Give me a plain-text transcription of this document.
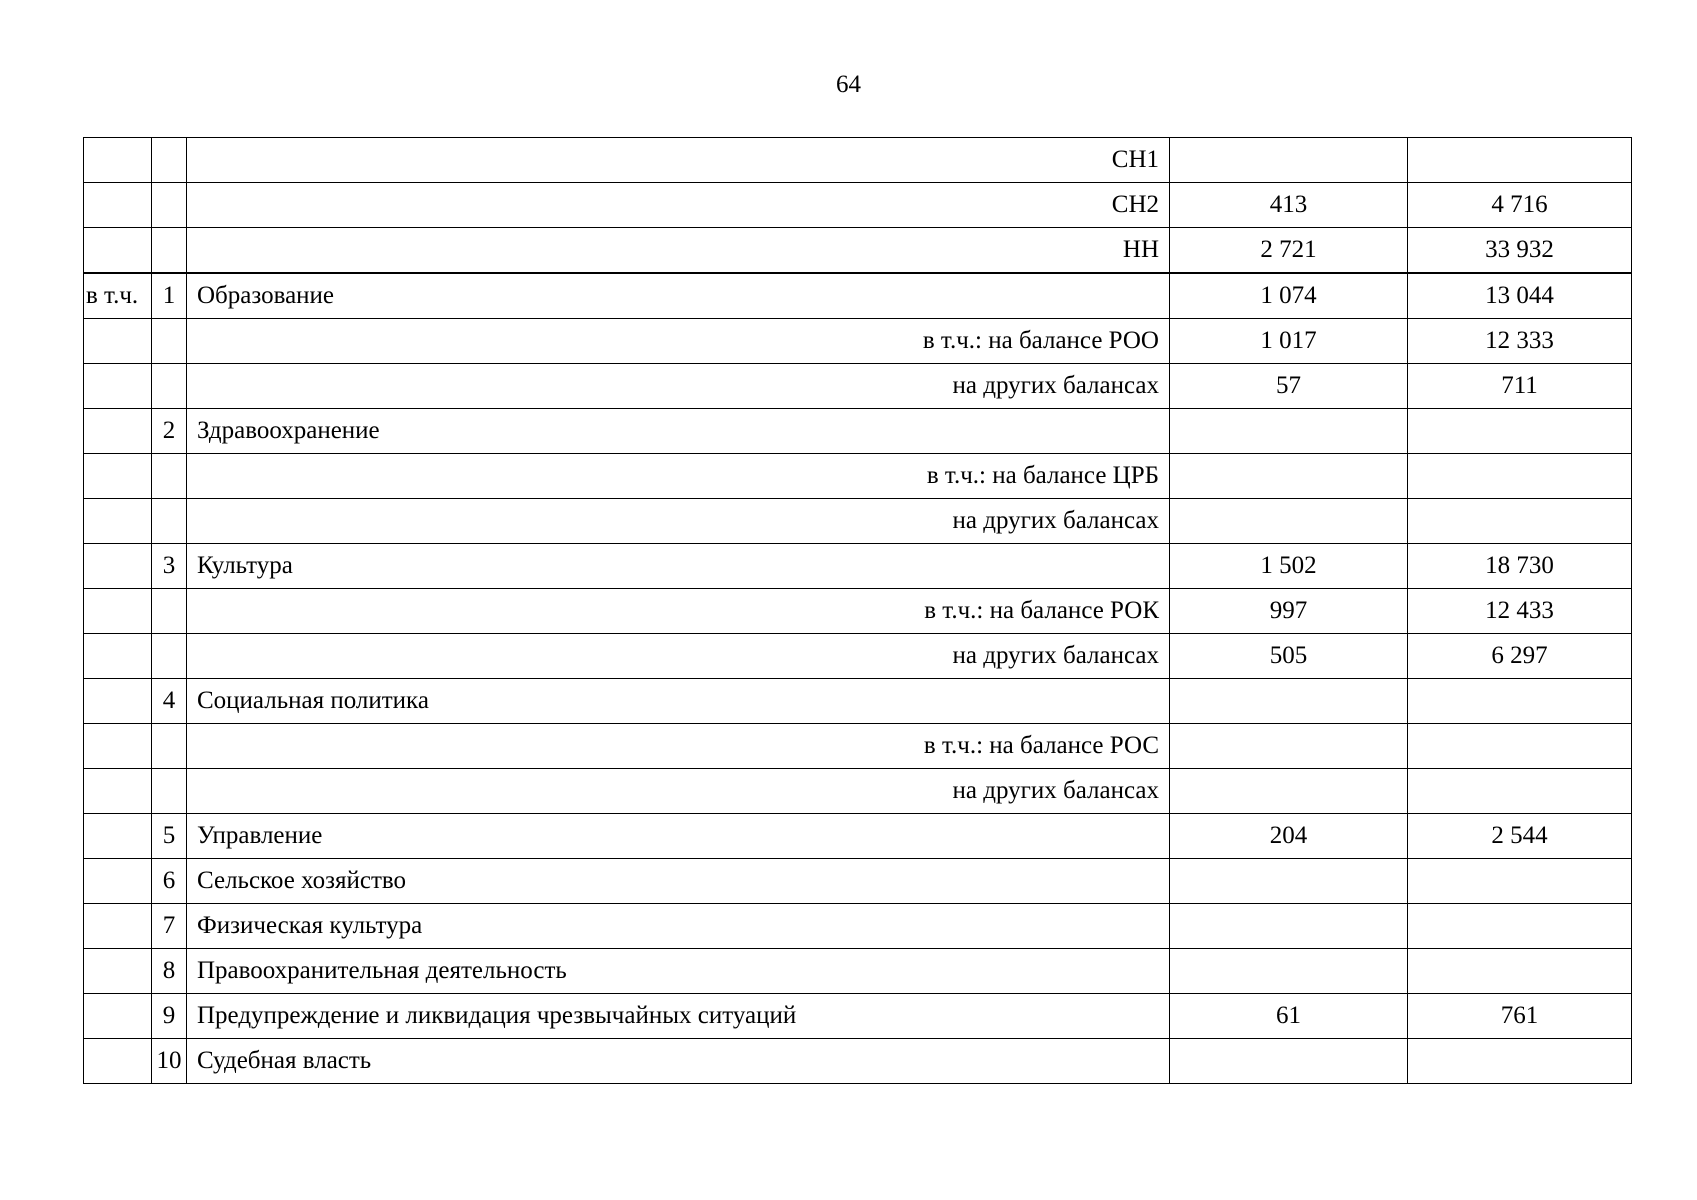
64
		СН1		
		СН2	413	4 716
		НН	2 721	33 932
в т.ч.	1	Образование	1 074	13 044
		в т.ч.: на балансе РОО	1 017	12 333
		на других балансах	57	711
	2	Здравоохранение		
		в т.ч.: на балансе ЦРБ		
		на других балансах		
	3	Культура	1 502	18 730
		в т.ч.: на балансе РОК	997	12 433
		на других балансах	505	6 297
	4	Социальная политика		
		в т.ч.: на балансе РОС		
		на других балансах		
	5	Управление	204	2 544
	6	Сельское хозяйство		
	7	Физическая культура		
	8	Правоохранительная деятельность		
	9	Предупреждение и ликвидация чрезвычайных ситуаций	61	761
	10	Судебная власть		
